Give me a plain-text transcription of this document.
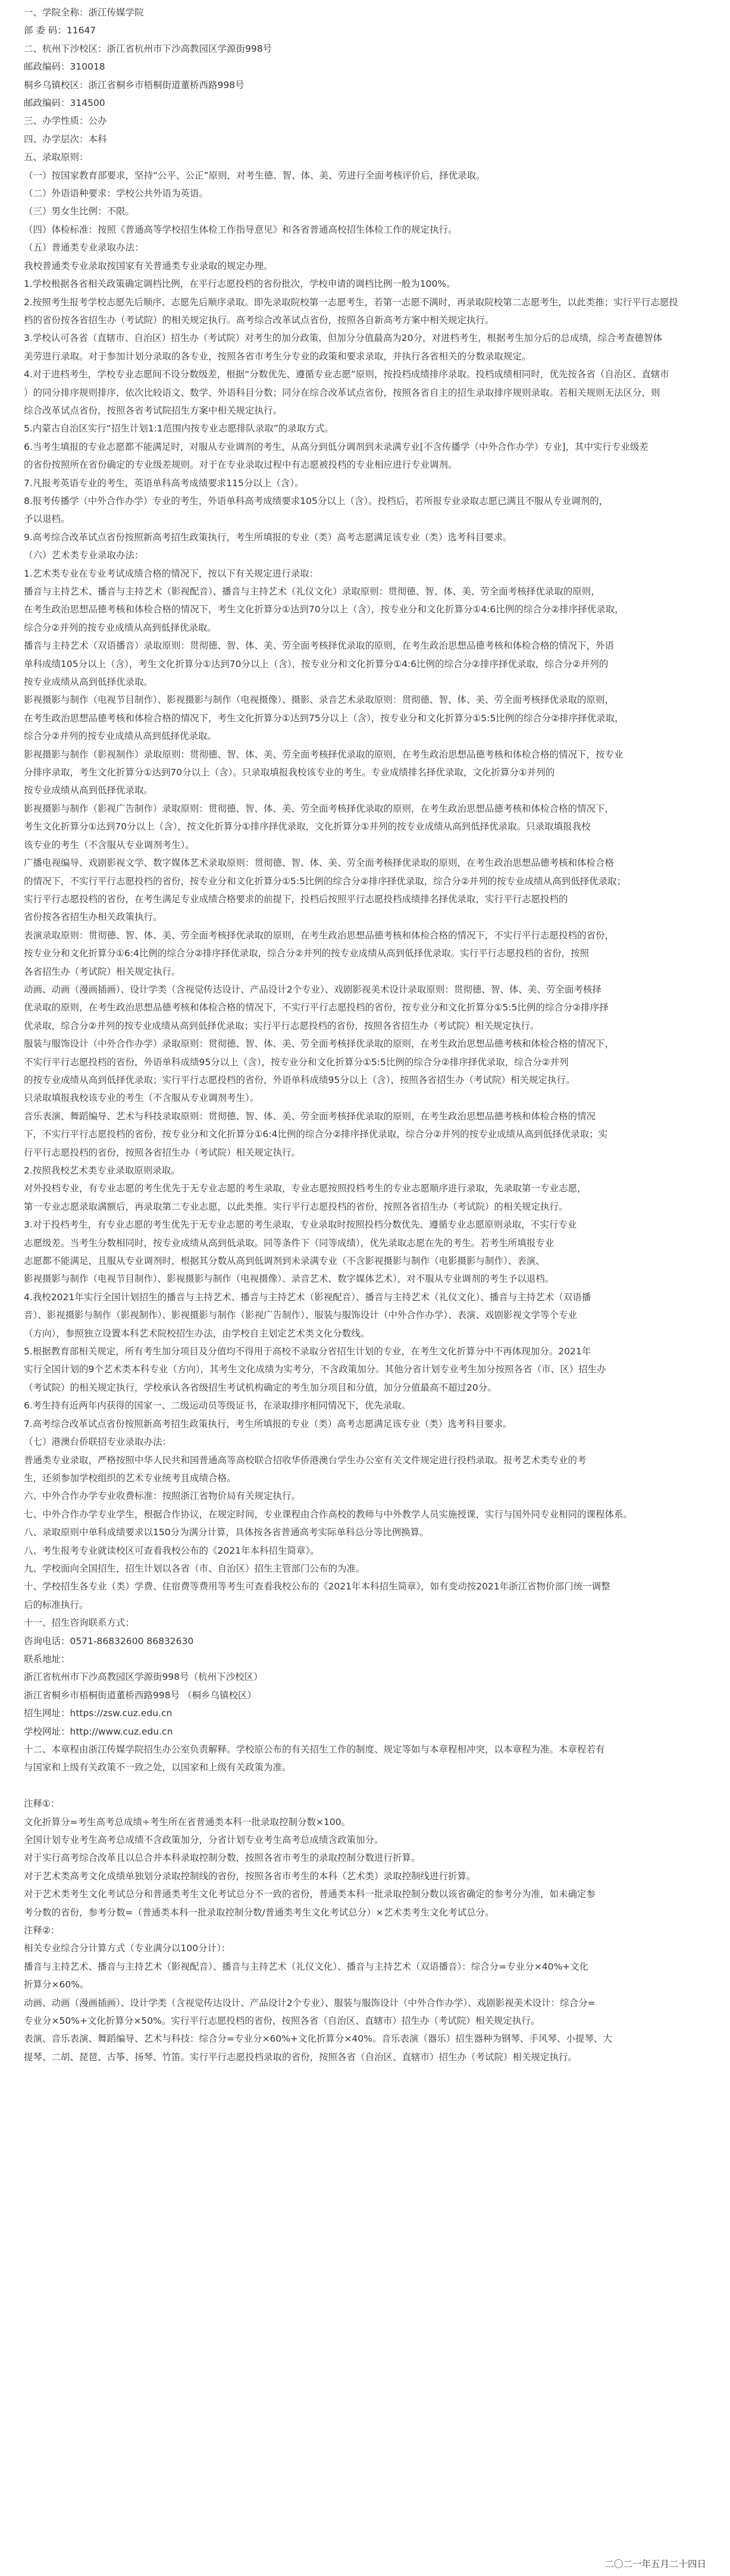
一、学院全称：浙江传媒学院

部 委 码：11647

二、杭州下沙校区：浙江省杭州市下沙高教园区学源街998号

邮政编码：310018

桐乡乌镇校区：浙江省桐乡市梧桐街道董桥西路998号

邮政编码：314500

三、办学性质：公办

四、办学层次：本科

五、录取原则：

（一）按国家教育部要求，坚持“公平、公正”原则，对考生德、智、体、美、劳进行全面考核评价后，择优录取。

（二）外语语种要求：学校公共外语为英语。

（三）男女生比例：不限。

（四）体检标准：按照《普通高等学校招生体检工作指导意见》和各省普通高校招生体检工作的规定执行。

（五）普通类专业录取办法：

我校普通类专业录取按国家有关普通类专业录取的规定办理。

1.学校根据各省相关政策确定调档比例，在平行志愿投档的省份批次，学校申请的调档比例一般为100%。

2.按照考生报考学校志愿先后顺序、志愿先后顺序录取。即先录取院校第一志愿考生，若第一志愿不满时，再录取院校第二志愿考生，以此类推；实行平行志愿投

档的省份按各省招生办（考试院）的相关规定执行。高考综合改革试点省份，按照各自新高考方案中相关规定执行。

3.学校认可各省（直辖市、自治区）招生办（考试院）对考生的加分政策，但加分分值最高为20分，对进档考生，根据考生加分后的总成绩，综合考查德智体

美劳进行录取。对于参加计划分录取的各专业，按照各省市考生分专业的政策和要求录取，并执行各省相关的分数录取规定。

4.对于进档考生，学校专业志愿间不设分数级差，根据“分数优先、遵循专业志愿”原则，按投档成绩排序录取。投档成绩相同时，优先按各省（自治区、直辖市

）的同分排序规则排序，依次比较语文、数学、外语科目分数；同分在综合改革试点省份，按照各省自主的招生录取排序规则录取。若相关规则无法区分，则

综合改革试点省份，按照各省考试院招生方案中相关规定执行。

5.内蒙古自治区实行“招生计划1:1范围内按专业志愿排队录取”的录取方式。

6.当考生填报的专业志愿都不能满足时，对服从专业调剂的考生，从高分到低分调剂到未录满专业[不含传播学（中外合作办学）专业]，其中实行专业级差

的省份按照所在省份确定的专业级差规则。对于在专业录取过程中有志愿被投档的专业相应进行专业调剂。

7.凡报考英语专业的考生，英语单科高考成绩要求115分以上（含）。

8.报考传播学（中外合作办学）专业的考生，外语单科高考成绩要求105分以上（含）。投档后，若所报专业录取志愿已满且不服从专业调剂的，

予以退档。

9.高考综合改革试点省份按照新高考招生政策执行，考生所填报的专业（类）高考志愿满足该专业（类）选考科目要求。

（六）艺术类专业录取办法：

1.艺术类专业在专业考试成绩合格的情况下，按以下有关规定进行录取：

播音与主持艺术、播音与主持艺术（影视配音）、播音与主持艺术（礼仪文化）录取原则：贯彻德、智、体、美、劳全面考核择优录取的原则，

在考生政治思想品德考核和体检合格的情况下，考生文化折算分①达到70分以上（含），按专业分和文化折算分①4:6比例的综合分②排序择优录取，

综合分②并列的按专业成绩从高到低择优录取。

播音与主持艺术（双语播音）录取原则：贯彻德、智、体、美、劳全面考核择优录取的原则，在考生政治思想品德考核和体检合格的情况下，外语

单科成绩105分以上（含），考生文化折算分①达到70分以上（含），按专业分和文化折算分①4:6比例的综合分②排序择优录取，综合分②并列的

按专业成绩从高到低择优录取。

影视摄影与制作（电视节目制作）、影视摄影与制作（电视摄像）、摄影、录音艺术录取原则：贯彻德、智、体、美、劳全面考核择优录取的原则，

在考生政治思想品德考核和体检合格的情况下，考生文化折算分①达到75分以上（含），按专业分和文化折算分①5:5比例的综合分②排序择优录取，

综合分②并列的按专业成绩从高到低择优录取。

影视摄影与制作（影视制作）录取原则：贯彻德、智、体、美、劳全面考核择优录取的原则，在考生政治思想品德考核和体检合格的情况下，按专业

分排序录取，考生文化折算分①达到70分以上（含）。只录取填报我校该专业的考生。专业成绩排名择优录取，文化折算分①并列的

按专业成绩从高到低择优录取。

影视摄影与制作（影视广告制作）录取原则：贯彻德、智、体、美、劳全面考核择优录取的原则，在考生政治思想品德考核和体检合格的情况下，

考生文化折算分①达到70分以上（含），按文化折算分①排序择优录取，文化折算分①并列的按专业成绩从高到低择优录取。只录取填报我校

该专业的考生（不含服从专业调剂考生）。

广播电视编导、戏剧影视文学、数字媒体艺术录取原则：贯彻德、智、体、美、劳全面考核择优录取的原则，在考生政治思想品德考核和体检合格

的情况下，不实行平行志愿投档的省份，按专业分和文化折算分①5:5比例的综合分②排序择优录取，综合分②并列的按专业成绩从高到低择优录取；

实行平行志愿投档的省份，在考生满足专业成绩合格要求的前提下，投档后按照平行志愿投档成绩排名择优录取，实行平行志愿投档的

省份按各省招生办相关政策执行。

表演录取原则：贯彻德、智、体、美、劳全面考核择优录取的原则，在考生政治思想品德考核和体检合格的情况下，不实行平行志愿投档的省份，

按专业分和文化折算分①6:4比例的综合分②排序择优录取，综合分②并列的按专业成绩从高到低择优录取。实行平行志愿投档的省份，按照

各省招生办（考试院）相关规定执行。

动画、动画（漫画插画）、设计学类（含视觉传达设计、产品设计2个专业）、戏剧影视美术设计录取原则：贯彻德、智、体、美、劳全面考核择

优录取的原则，在考生政治思想品德考核和体检合格的情况下，不实行平行志愿投档的省份，按专业分和文化折算分①5:5比例的综合分②排序择

优录取，综合分②并列的按专业成绩从高到低择优录取；实行平行志愿投档的省份，按照各省招生办（考试院）相关规定执行。

服装与服饰设计（中外合作办学）录取原则：贯彻德、智、体、美、劳全面考核择优录取的原则，在考生政治思想品德考核和体检合格的情况下，

不实行平行志愿投档的省份，外语单科成绩95分以上（含），按专业分和文化折算分①5:5比例的综合分②排序择优录取，综合分②并列

的按专业成绩从高到低择优录取；实行平行志愿投档的省份，外语单科成绩95分以上（含），按照各省招生办（考试院）相关规定执行。

只录取填报我校该专业的考生（不含服从专业调剂考生）。

音乐表演、舞蹈编导、艺术与科技录取原则：贯彻德、智、体、美、劳全面考核择优录取的原则，在考生政治思想品德考核和体检合格的情况

下，不实行平行志愿投档的省份，按专业分和文化折算分①6:4比例的综合分②排序择优录取，综合分②并列的按专业成绩从高到低择优录取；实

行平行志愿投档的省份，按照各省招生办（考试院）相关规定执行。

2.按照我校艺术类专业录取原则录取。

对外投档专业，有专业志愿的考生优先于无专业志愿的考生录取，专业志愿按照投档考生的专业志愿顺序进行录取，先录取第一专业志愿，

第一专业志愿录取满额后，再录取第二专业志愿，以此类推。实行平行志愿投档的省份，按照各省招生办（考试院）的相关规定执行。

3.对于投档考生，有专业志愿的考生优先于无专业志愿的考生录取，专业录取时按照投档分数优先、遵循专业志愿原则录取，不实行专业

志愿级差。当考生分数相同时，按专业成绩从高到低录取。同等条件下（同等成绩），优先录取志愿在先的考生。若考生所填报专业

志愿都不能满足，且服从专业调剂时，根据其分数从高到低调剂到未录满专业（不含影视摄影与制作（电影摄影与制作）、表演、

影视摄影与制作（电视节目制作）、影视摄影与制作（电视摄像）、录音艺术、数字媒体艺术），对不服从专业调剂的考生予以退档。

4.我校2021年实行全国计划招生的播音与主持艺术、播音与主持艺术（影视配音）、播音与主持艺术（礼仪文化）、播音与主持艺术（双语播

音）、影视摄影与制作（影视制作）、影视摄影与制作（影视广告制作）、服装与服饰设计（中外合作办学）、表演、戏剧影视文学等个专业

（方向），参照独立设置本科艺术院校招生办法，由学校自主划定艺术类文化分数线。

5.根据教育部相关规定，所有考生加分项目及分值均不得用于高校不录取分省招生计划的专业，在考生文化折算分中不再体现加分。2021年

实行全国计划的9个艺术类本科专业（方向），其考生文化成绩为实考分，不含政策加分。其他分省计划专业考生加分按照各省（市、区）招生办

（考试院）的相关规定执行，学校承认各省级招生考试机构确定的考生加分项目和分值，加分分值最高不超过20分。

6.考生持有近两年内获得的国家一、二级运动员等级证书，在录取排序相同情况下，优先录取。

7.高考综合改革试点省份按照新高考招生政策执行，考生所填报的专业（类）高考志愿满足该专业（类）选考科目要求。

（七）港澳台侨联招专业录取办法：

普通类专业录取，严格按照中华人民共和国普通高等高校联合招收华侨港澳台学生办公室有关文件规定进行投档录取。报考艺术类专业的考

生，还须参加学校组织的艺术专业统考且成绩合格。

六、中外合作办学专业收费标准：按照浙江省物价局有关规定执行。

七、中外合作办学专业学生，根据合作协议，在规定时间，专业课程由合作高校的教师与中外教学人员实施授课，实行与国外同专业相同的课程体系。

八、录取原则中单科成绩要求以150分为满分计算，具体按各省普通高考实际单科总分等比例换算。

八、考生报考专业就读校区可查看我校公布的《2021年本科招生简章》。

九、学校面向全国招生，招生计划以各省（市、自治区）招生主管部门公布的为准。

十、学校招生各专业（类）学费、住宿费等费用等考生可查看我校公布的《2021年本科招生简章》，如有变动按2021年浙江省物价部门统一调整

后的标准执行。

十一、招生咨询联系方式：

咨询电话：0571-86832600 86832630

联系地址：

浙江省杭州市下沙高教园区学源街998号（杭州下沙校区）

浙江省桐乡市梧桐街道董桥西路998号 （桐乡乌镇校区）

招生网址：https://zsw.cuz.edu.cn

学校网址：http://www.cuz.edu.cn

十二、本章程由浙江传媒学院招生办公室负责解释。学校原公布的有关招生工作的制度、规定等如与本章程相冲突，以本章程为准。本章程若有

与国家和上级有关政策不一致之处，以国家和上级有关政策为准。

注释①：

文化折算分=考生高考总成绩÷考生所在省普通类本科一批录取控制分数×100。

全国计划专业考生高考总成绩不含政策加分，分省计划专业考生高考总成绩含政策加分。

对于实行高考综合改革且以总合并本科录取控制分数，按照各省市考生的录取控制分数进行折算。

对于艺术类高考文化成绩单独划分录取控制线的省份，按照各省市考生的本科（艺术类）录取控制线进行折算。

对于艺术类考生文化考试总分和普通类考生文化考试总分不一致的省份，普通类本科一批录取控制分数以该省确定的参考分为准，如未确定参

考分数的省份，参考分数=（普通类本科一批录取控制分数/普通类考生文化考试总分）×艺术类考生文化考试总分。

注释②：

相关专业综合分计算方式（专业满分以100分计）：

播音与主持艺术、播音与主持艺术（影视配音）、播音与主持艺术（礼仪文化）、播音与主持艺术（双语播音）：综合分=专业分×40%+文化

折算分×60%。

动画、动画（漫画插画）、设计学类（含视觉传达设计、产品设计2个专业）、服装与服饰设计（中外合作办学）、戏剧影视美术设计：综合分=

专业分×50%+文化折算分×50%。实行平行志愿投档的省份，按照各省（自治区、直辖市）招生办（考试院）相关规定执行。

表演、音乐表演、舞蹈编导、艺术与科技：综合分=专业分×60%+文化折算分×40%。音乐表演（器乐）招生器种为钢琴、手风琴、小提琴、大

提琴、二胡、琵琶、古筝、扬琴、竹笛。实行平行志愿投档录取的省份，按照各省（自治区、直辖市）招生办（考试院）相关规定执行。

二〇二一年五月二十四日
